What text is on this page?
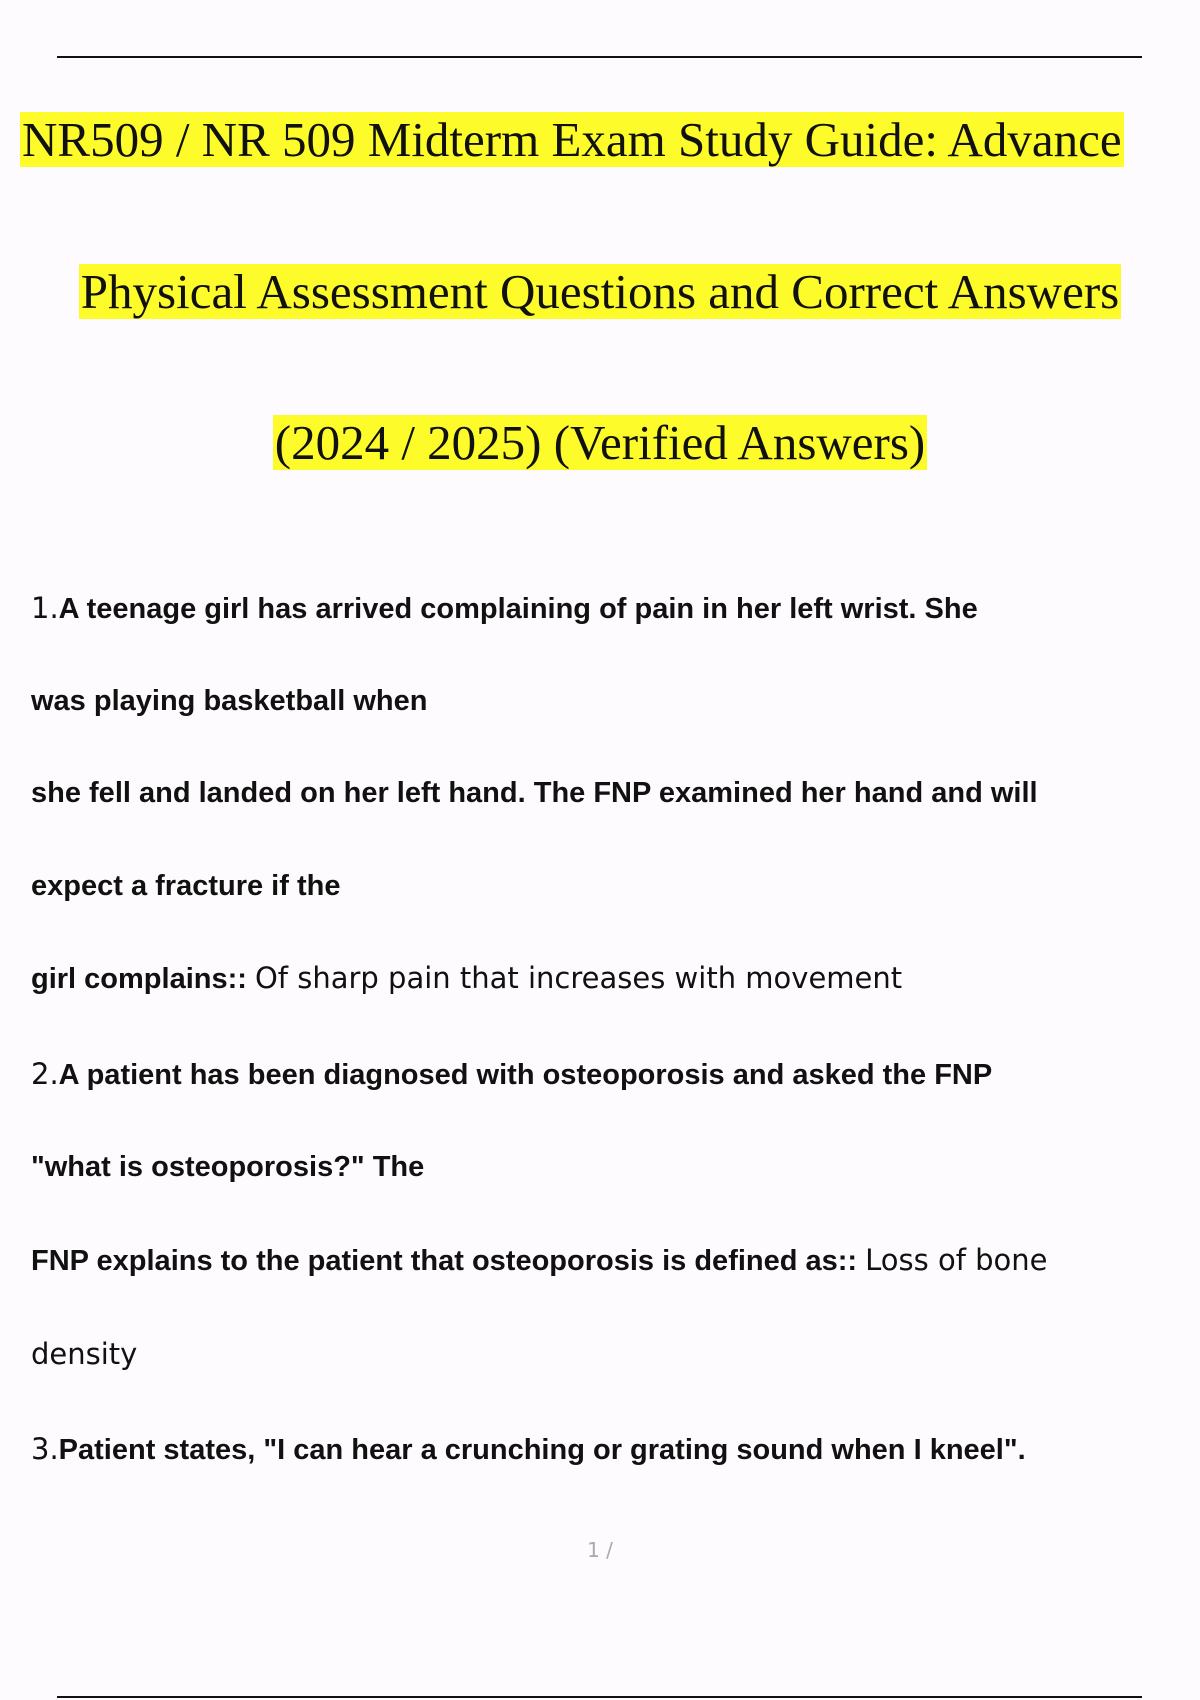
NR509 / NR 509 Midterm Exam Study Guide: Advance
Physical Assessment Questions and Correct Answers
(2024 / 2025) (Verified Answers)
1.A teenage girl has arrived complaining of pain in her left wrist. She
was playing basketball when
she fell and landed on her left hand. The FNP examined her hand and will
expect a fracture if the
girl complains:: Of sharp pain that increases with movement
2.A patient has been diagnosed with osteoporosis and asked the FNP
"what is osteoporosis?" The
FNP explains to the patient that osteoporosis is defined as:: Loss of bone
density
3.Patient states, "I can hear a crunching or grating sound when I kneel".
1 /
